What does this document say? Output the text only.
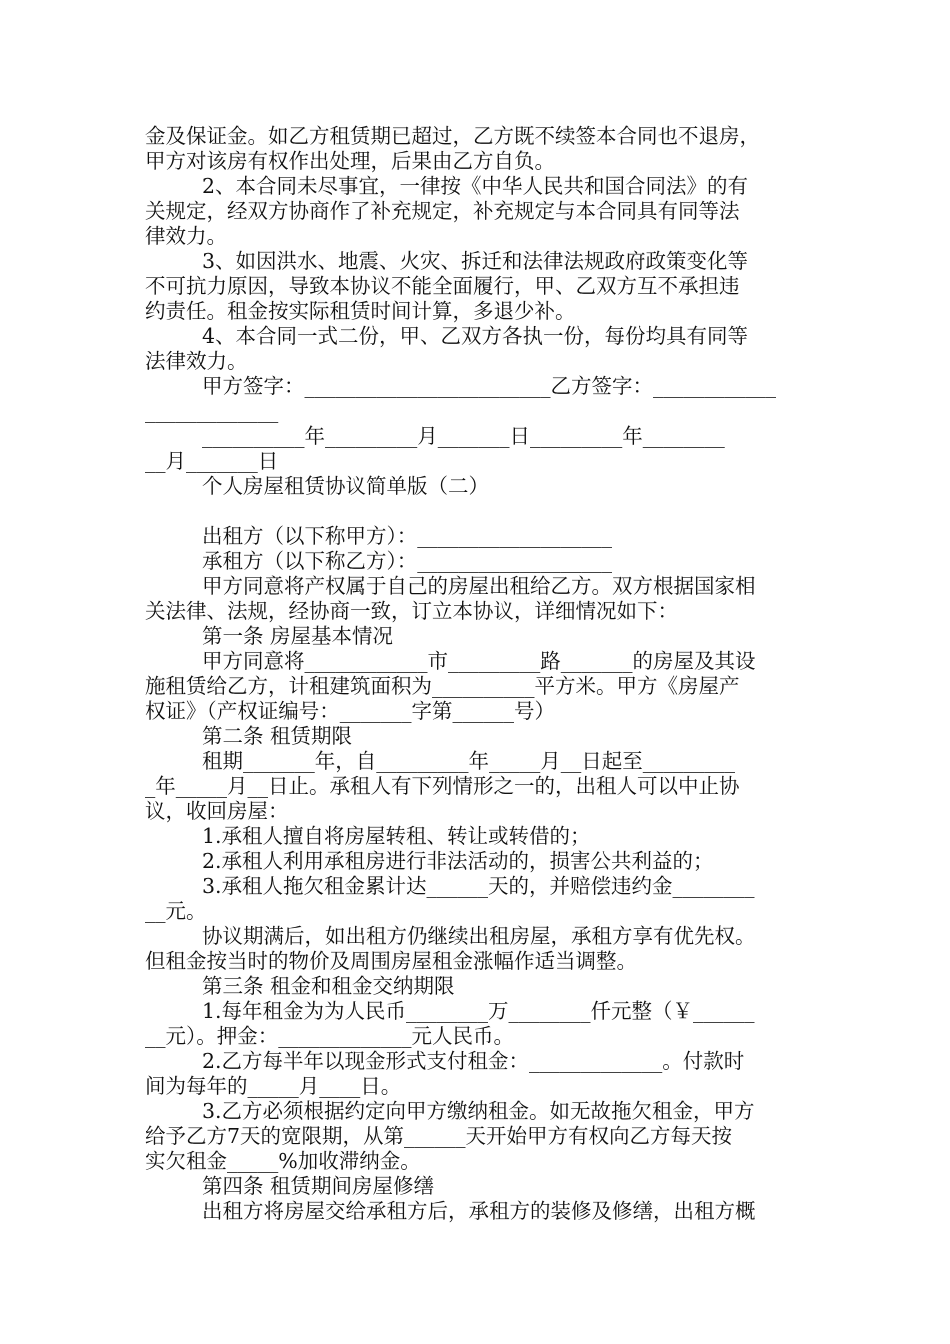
金及保证金。如乙方租赁期已超过，乙方既不续签本合同也不退房，
甲方对该房有权作出处理，后果由乙方自负。
2、本合同未尽事宜，一律按《中华人民共和国合同法》的有
关规定，经双方协商作了补充规定，补充规定与本合同具有同等法
律效力。
3、如因洪水、地震、火灾、拆迁和法律法规政府政策变化等
不可抗力原因，导致本协议不能全面履行，甲、乙双方互不承担违
约责任。租金按实际租赁时间计算，多退少补。
4、本合同一式二份，甲、乙双方各执一份，每份均具有同等
法律效力。
甲方签字：________________________乙方签字：____________
_____________
__________年_________月_______日_________年________
__月_______日
个人房屋租赁协议简单版（二）
出租方（以下称甲方）：___________________
承租方（以下称乙方）：___________________
甲方同意将产权属于自己的房屋出租给乙方。双方根据国家相
关法律、法规，经协商一致，订立本协议，详细情况如下：
第一条 房屋基本情况
甲方同意将____________市_________路_______的房屋及其设
施租赁给乙方，计租建筑面积为__________平方米。甲方《房屋产
权证》（产权证编号：_______字第______号）
第二条 租赁期限
租期_______年，自_________年_____月__日起至_________
_年_____月__日止。承租人有下列情形之一的，出租人可以中止协
议，收回房屋：
1.承租人擅自将房屋转租、转让或转借的；
2.承租人利用承租房进行非法活动的，损害公共利益的；
3.承租人拖欠租金累计达______天的，并赔偿违约金________
__元。
协议期满后，如出租方仍继续出租房屋，承租方享有优先权。
但租金按当时的物价及周围房屋租金涨幅作适当调整。
第三条 租金和租金交纳期限
1.每年租金为为人民币________万________仟元整（￥______
__元）。押金：_____________元人民币。
2.乙方每半年以现金形式支付租金：_____________。付款时
间为每年的_____月____日。
3.乙方必须根据约定向甲方缴纳租金。如无故拖欠租金，甲方
给予乙方7天的宽限期，从第______天开始甲方有权向乙方每天按
实欠租金_____%加收滞纳金。
第四条 租赁期间房屋修缮
出租方将房屋交给承租方后，承租方的装修及修缮，出租方概
